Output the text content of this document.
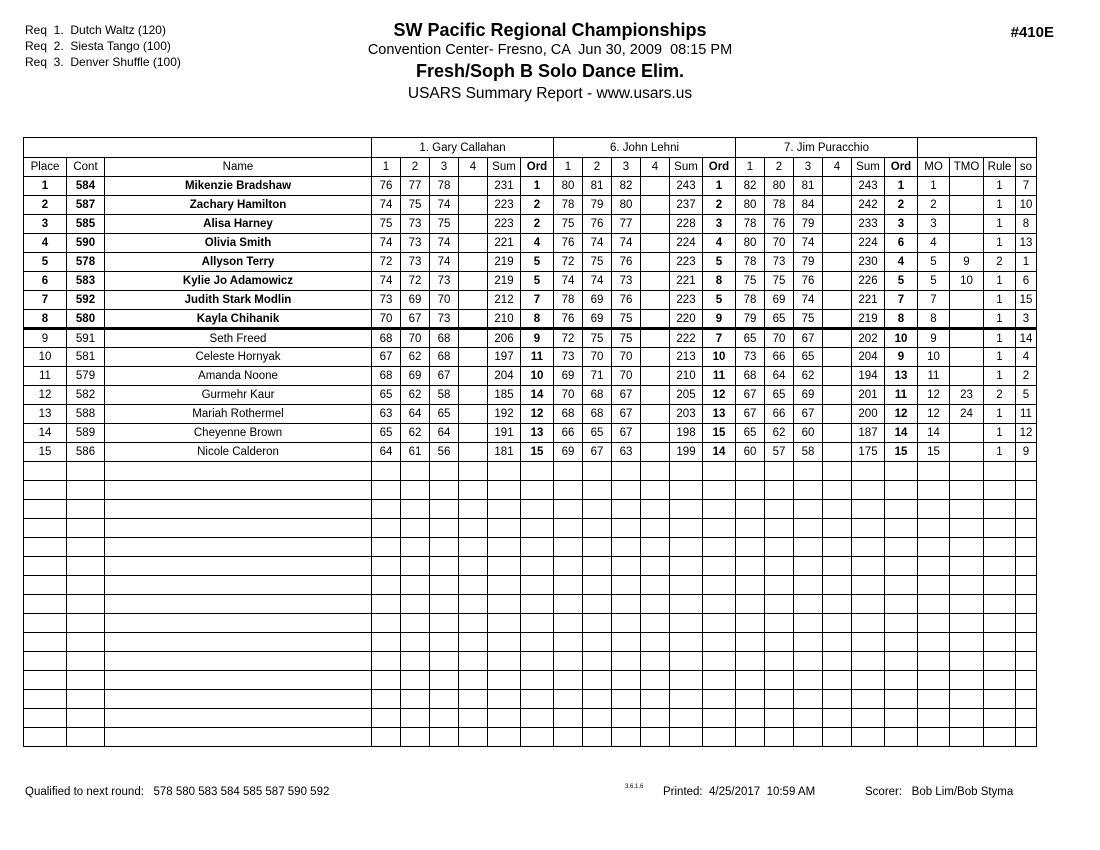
Req  1.  Dutch Waltz (120)
Req  2.  Siesta Tango (100)
Req  3.  Denver Shuffle (100)
SW Pacific Regional Championships
Convention Center- Fresno, CA  Jun 30, 2009  08:15 PM
Fresh/Soph B Solo Dance Elim.
USARS Summary Report - www.usars.us
#410E
			1. Gary Callahan						6. John Lehni						7. Jim Puracchio									
Place	Cont	Name	1	2	3	4	Sum	Ord	1	2	3	4	Sum	Ord	1	2	3	4	Sum	Ord	MO	TMO	Rule	so
1	584	Mikenzie Bradshaw	76	77	78		231	1	80	81	82		243	1	82	80	81		243	1	1		1	7
2	587	Zachary Hamilton	74	75	74		223	2	78	79	80		237	2	80	78	84		242	2	2		1	10
3	585	Alisa Harney	75	73	75		223	2	75	76	77		228	3	78	76	79		233	3	3		1	8
4	590	Olivia Smith	74	73	74		221	4	76	74	74		224	4	80	70	74		224	6	4		1	13
5	578	Allyson Terry	72	73	74		219	5	72	75	76		223	5	78	73	79		230	4	5	9	2	1
6	583	Kylie Jo Adamowicz	74	72	73		219	5	74	74	73		221	8	75	75	76		226	5	5	10	1	6
7	592	Judith Stark Modlin	73	69	70		212	7	78	69	76		223	5	78	69	74		221	7	7		1	15
8	580	Kayla Chihanik	70	67	73		210	8	76	69	75		220	9	79	65	75		219	8	8		1	3
9	591	Seth Freed	68	70	68		206	9	72	75	75		222	7	65	70	67		202	10	9		1	14
10	581	Celeste Hornyak	67	62	68		197	11	73	70	70		213	10	73	66	65		204	9	10		1	4
11	579	Amanda Noone	68	69	67		204	10	69	71	70		210	11	68	64	62		194	13	11		1	2
12	582	Gurmehr Kaur	65	62	58		185	14	70	68	67		205	12	67	65	69		201	11	12	23	2	5
13	588	Mariah Rothermel	63	64	65		192	12	68	68	67		203	13	67	66	67		200	12	12	24	1	11
14	589	Cheyenne Brown	65	62	64		191	13	66	65	67		198	15	65	62	60		187	14	14		1	12
15	586	Nicole Calderon	64	61	56		181	15	69	67	63		199	14	60	57	58		175	15	15		1	9

Qualified to next round:   578 580 583 584 585 587 590 592	3.6.1.6 Printed:  4/25/2017  10:59 AM	Scorer:   Bob Lim/Bob Styma
